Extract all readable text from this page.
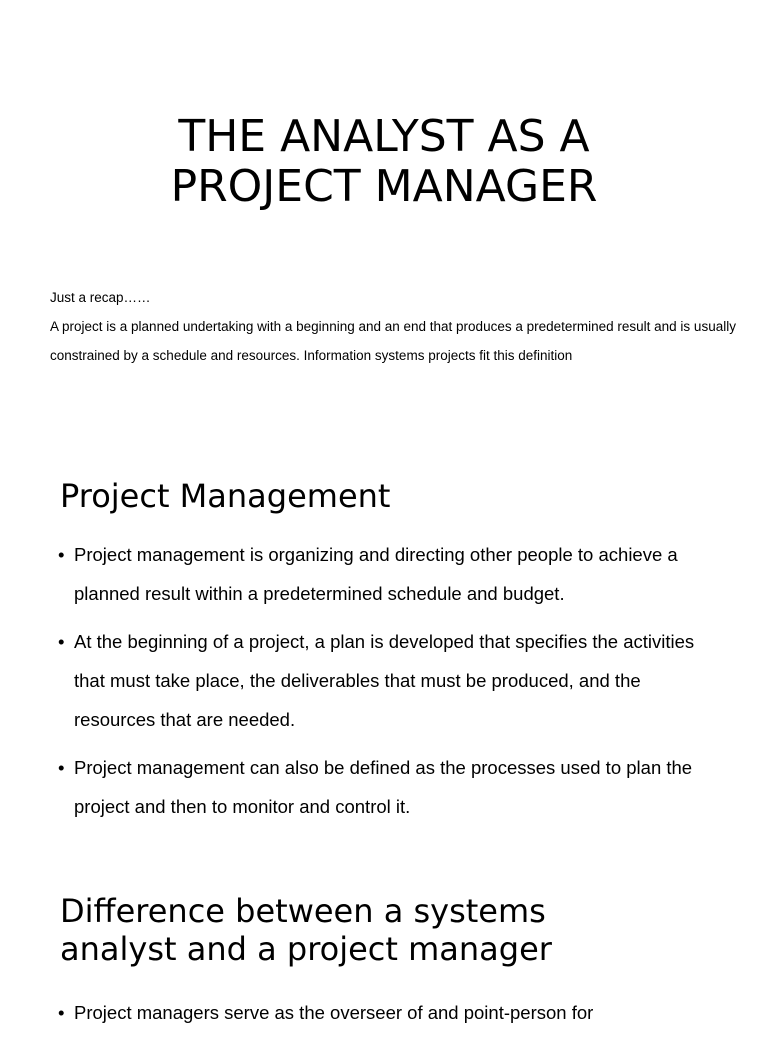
THE ANALYST AS A
PROJECT MANAGER

Just a recap……

A project is a planned undertaking with a beginning and an end that produces a predetermined result and is usually constrained by a schedule and resources. Information systems projects fit this definition

Project Management
• Project management is organizing and directing other people to achieve a planned result within a predetermined schedule and budget.
• At the beginning of a project, a plan is developed that specifies the activities that must take place, the deliverables that must be produced, and the resources that are needed.
• Project management can also be defined as the processes used to plan the project and then to monitor and control it.
Difference between a systems
analyst and a project manager
• Project managers serve as the overseer of and point-person for
